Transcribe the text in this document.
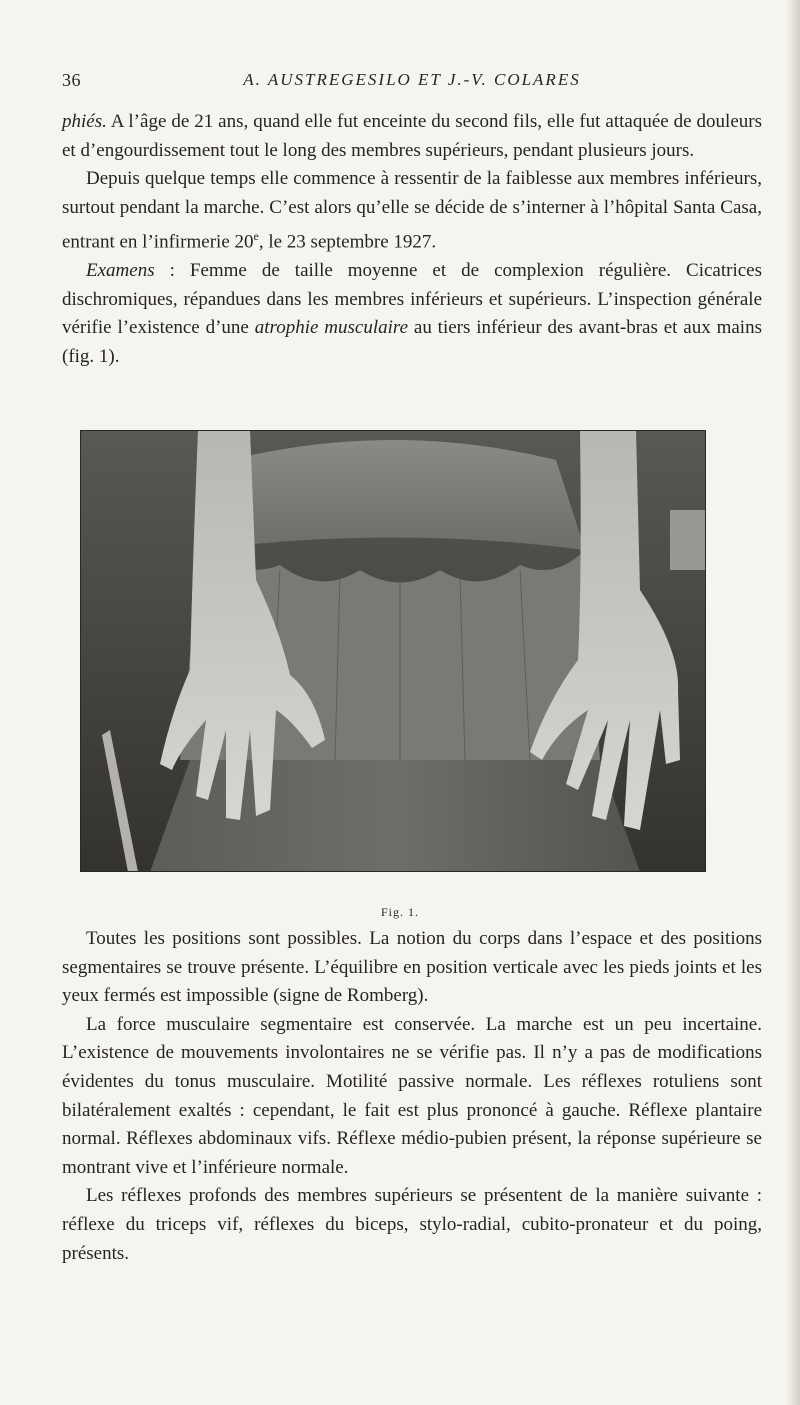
36	A. AUSTREGESILO ET J.-V. COLARES

phiés. A l’âge de 21 ans, quand elle fut enceinte du second fils, elle fut attaquée de douleurs et d’engourdissement tout le long des membres supérieurs, pendant plusieurs jours.

Depuis quelque temps elle commence à ressentir de la faiblesse aux membres inférieurs, surtout pendant la marche. C’est alors qu’elle se décide de s’interner à l’hôpital Santa Casa, entrant en l’infirmerie 20e, le 23 septembre 1927.

Examens : Femme de taille moyenne et de complexion régulière. Cicatrices dischromiques, répandues dans les membres inférieurs et supérieurs. L’inspection générale vérifie l’existence d’une atrophie musculaire au tiers inférieur des avant-bras et aux mains (fig. 1).

Fig. 1.

Toutes les positions sont possibles. La notion du corps dans l’espace et des positions segmentaires se trouve présente. L’équilibre en position verticale avec les pieds joints et les yeux fermés est impossible (signe de Romberg).

La force musculaire segmentaire est conservée. La marche est un peu incertaine. L’existence de mouvements involontaires ne se vérifie pas. Il n’y a pas de modifications évidentes du tonus musculaire. Motilité passive normale. Les réflexes rotuliens sont bilatéralement exaltés : cependant, le fait est plus prononcé à gauche. Réflexe plantaire normal. Réflexes abdominaux vifs. Réflexe médio-pubien présent, la réponse supérieure se montrant vive et l’inférieure normale.

Les réflexes profonds des membres supérieurs se présentent de la manière suivante : réflexe du triceps vif, réflexes du biceps, stylo-radial, cubito-pronateur et du poing, présents.
